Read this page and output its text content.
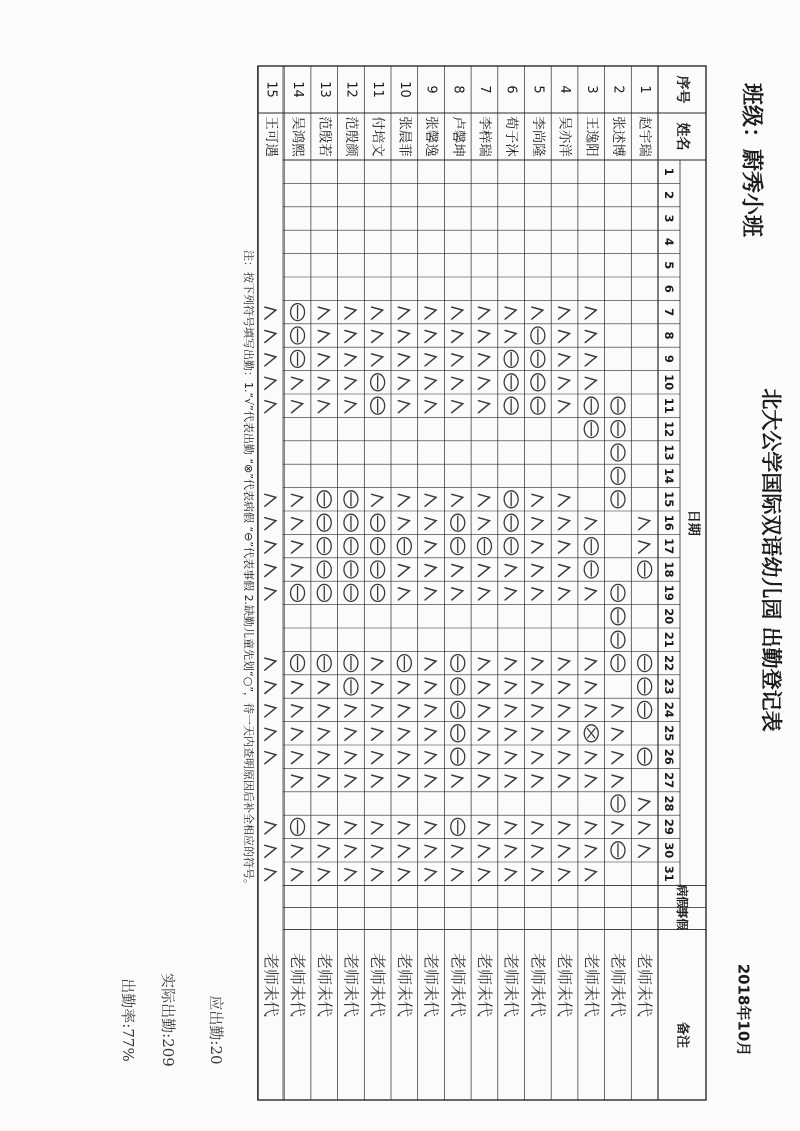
序号
姓名
日期
病假
事假
备注
1
2
3
4
5
6
7
8
9
10
11
12
13
14
15
16
17
18
19
20
21
22
23
24
25
26
27
28
29
30
31
1
赵宇瑞
老师未代
2
张述博
老师未代
3
王逸阳
老师未代
4
吴亦洋
老师未代
5
李尚隆
老师未代
6
荀子沐
老师未代
7
李梓瑞
老师未代
8
卢馨坤
老师未代
9
张馨逸
老师未代
10
张晨菲
老师未代
11
付培文
老师未代
12
范殷颜
老师未代
13
范殷若
老师未代
14
吴鸿熙
老师未代
15
王可遇
老师未代
应出勤:20
实际出勤:209
出勤率:77%
北大公学国际双语幼儿园 出勤登记表
班级：蔚秀小班
2018年10月
注：按下列符号填写出勤：1.“√”代表出勤 “⊗”代表病假 “⊖”代表事假 2.缺勤儿童先划“○”，待一天内查明原因后补全相应的符号。
